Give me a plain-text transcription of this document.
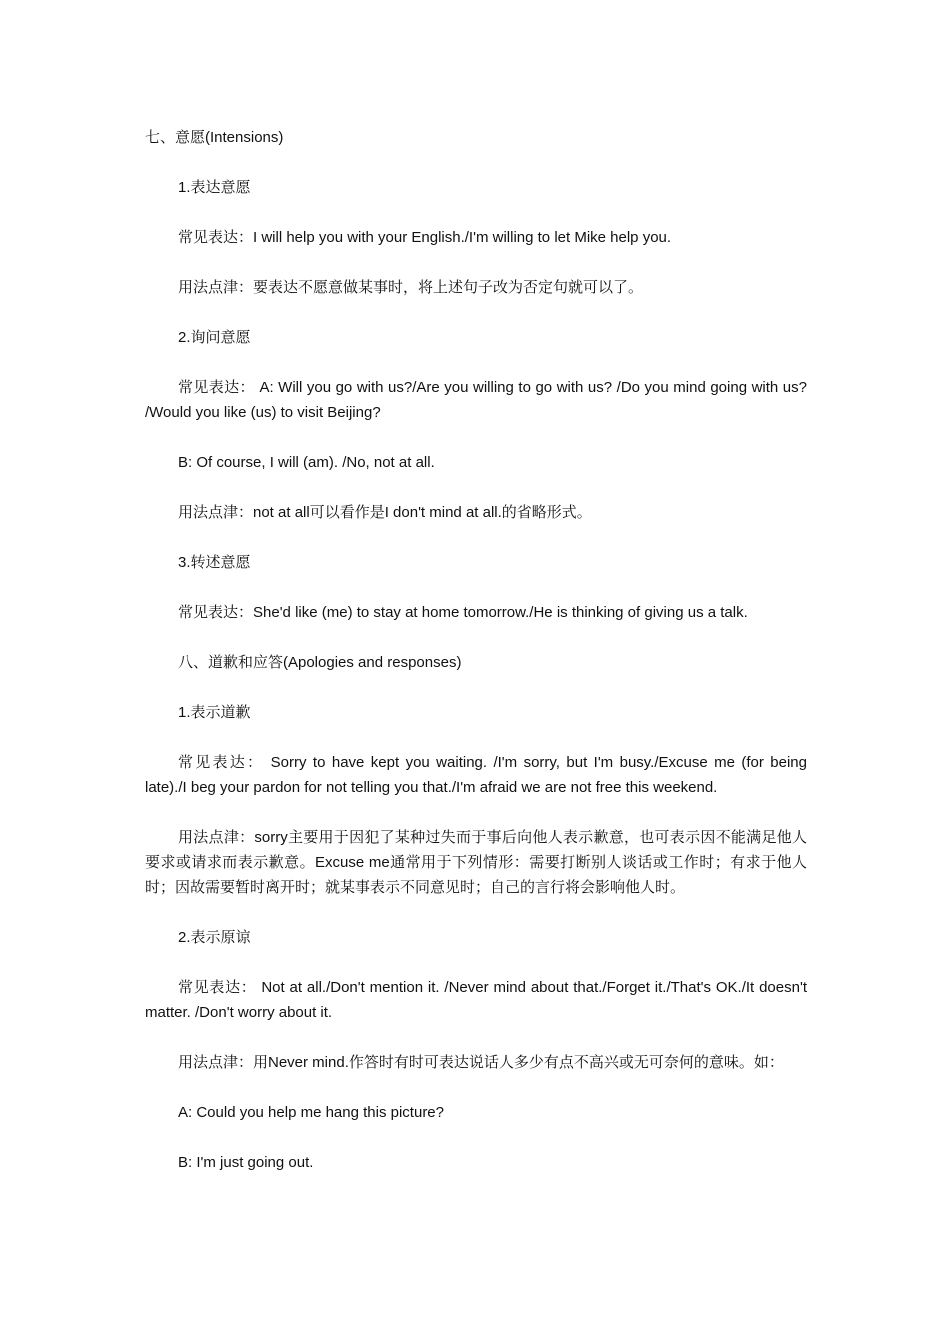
七、意愿(Intensions)

1.表达意愿

常见表达：I will help you with your English./I'm willing to let Mike help you.

用法点津：要表达不愿意做某事时，将上述句子改为否定句就可以了。

2.询问意愿

常见表达： A: Will you go with us?/Are you willing to go with us? /Do you mind going with us? /Would you like (us) to visit Beijing?

B: Of course, I will (am). /No, not at all.

用法点津：not at all可以看作是I don't mind at all.的省略形式。

3.转述意愿

常见表达：She'd like (me) to stay at home tomorrow./He is thinking of giving us a talk.

八、道歉和应答(Apologies and responses)

1.表示道歉

常见表达： Sorry to have kept you waiting. /I'm sorry, but I'm busy./Excuse me (for being late)./I beg your pardon for not telling you that./I'm afraid we are not free this weekend.

用法点津：sorry主要用于因犯了某种过失而于事后向他人表示歉意，也可表示因不能满足他人要求或请求而表示歉意。Excuse me通常用于下列情形：需要打断别人谈话或工作时；有求于他人时；因故需要暂时离开时；就某事表示不同意见时；自己的言行将会影响他人时。

2.表示原谅

常见表达： Not at all./Don't mention it. /Never mind about that./Forget it./That's OK./It doesn't matter. /Don't worry about it.

用法点津：用Never mind.作答时有时可表达说话人多少有点不高兴或无可奈何的意味。如：

A: Could you help me hang this picture?

B: I'm just going out.
